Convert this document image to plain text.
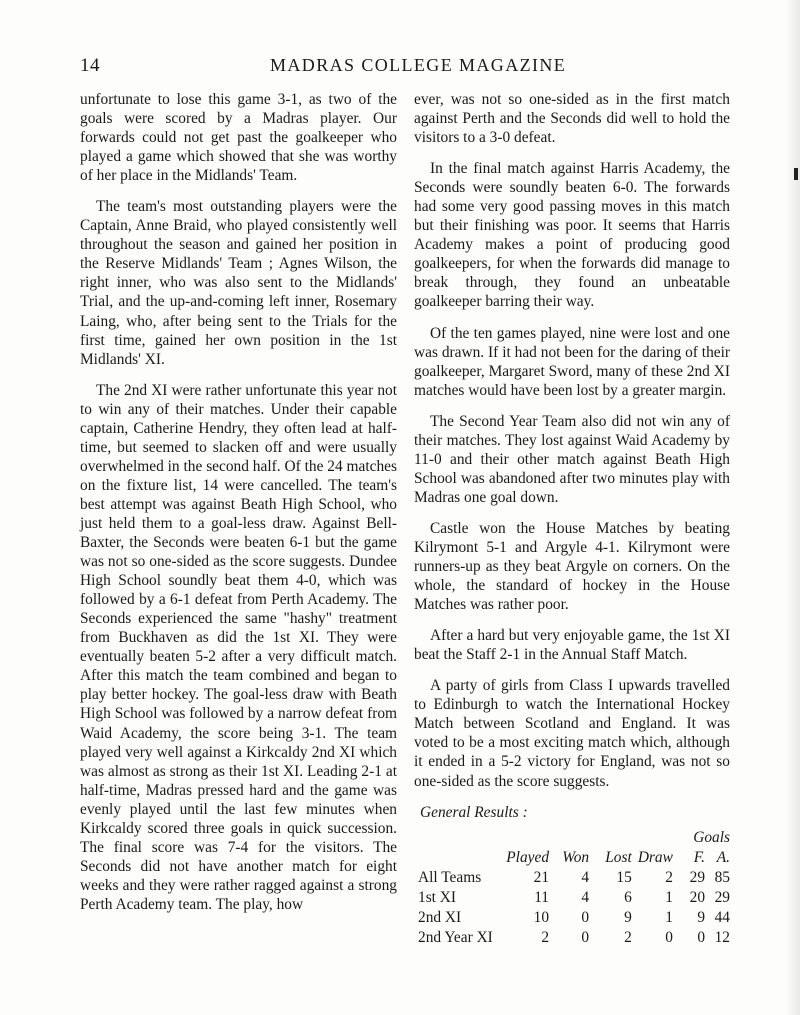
14	MADRAS COLLEGE MAGAZINE

unfortunate to lose this game 3-1, as two of the goals were scored by a Madras player. Our forwards could not get past the goalkeeper who played a game which showed that she was worthy of her place in the Midlands' Team.

The team's most outstanding players were the Captain, Anne Braid, who played consistently well throughout the season and gained her position in the Reserve Midlands' Team ; Agnes Wilson, the right inner, who was also sent to the Midlands' Trial, and the up-and-coming left inner, Rosemary Laing, who, after being sent to the Trials for the first time, gained her own position in the 1st Midlands' XI.

The 2nd XI were rather unfortunate this year not to win any of their matches. Under their capable captain, Catherine Hendry, they often lead at half-time, but seemed to slacken off and were usually overwhelmed in the second half. Of the 24 matches on the fixture list, 14 were cancelled. The team's best attempt was against Beath High School, who just held them to a goal-less draw. Against Bell-Baxter, the Seconds were beaten 6-1 but the game was not so one-sided as the score suggests. Dundee High School soundly beat them 4-0, which was followed by a 6-1 defeat from Perth Academy. The Seconds experienced the same "hashy" treatment from Buckhaven as did the 1st XI. They were eventually beaten 5-2 after a very difficult match. After this match the team combined and began to play better hockey. The goal-less draw with Beath High School was followed by a narrow defeat from Waid Academy, the score being 3-1. The team played very well against a Kirkcaldy 2nd XI which was almost as strong as their 1st XI. Leading 2-1 at half-time, Madras pressed hard and the game was evenly played until the last few minutes when Kirkcaldy scored three goals in quick succession. The final score was 7-4 for the visitors. The Seconds did not have another match for eight weeks and they were rather ragged against a strong Perth Academy team. The play, how

ever, was not so one-sided as in the first match against Perth and the Seconds did well to hold the visitors to a 3-0 defeat.

In the final match against Harris Academy, the Seconds were soundly beaten 6-0. The forwards had some very good passing moves in this match but their finishing was poor. It seems that Harris Academy makes a point of producing good goalkeepers, for when the forwards did manage to break through, they found an unbeatable goalkeeper barring their way.

Of the ten games played, nine were lost and one was drawn. If it had not been for the daring of their goalkeeper, Margaret Sword, many of these 2nd XI matches would have been lost by a greater margin.

The Second Year Team also did not win any of their matches. They lost against Waid Academy by 11-0 and their other match against Beath High School was abandoned after two minutes play with Madras one goal down.

Castle won the House Matches by beating Kilrymont 5-1 and Argyle 4-1. Kilrymont were runners-up as they beat Argyle on corners. On the whole, the standard of hockey in the House Matches was rather poor.

After a hard but very enjoyable game, the 1st XI beat the Staff 2-1 in the Annual Staff Match.

A party of girls from Class I upwards travelled to Edinburgh to watch the International Hockey Match between Scotland and England. It was voted to be a most exciting match which, although it ended in a 5-2 victory for England, was not so one-sided as the score suggests.

General Results :
					Goals	
	Played	Won	Lost	Draw	F.	A.
All Teams	21	4	15	2	29	85
1st XI	11	4	6	1	20	29
2nd XI	10	0	9	1	9	44
2nd Year XI	2	0	2	0	0	12
